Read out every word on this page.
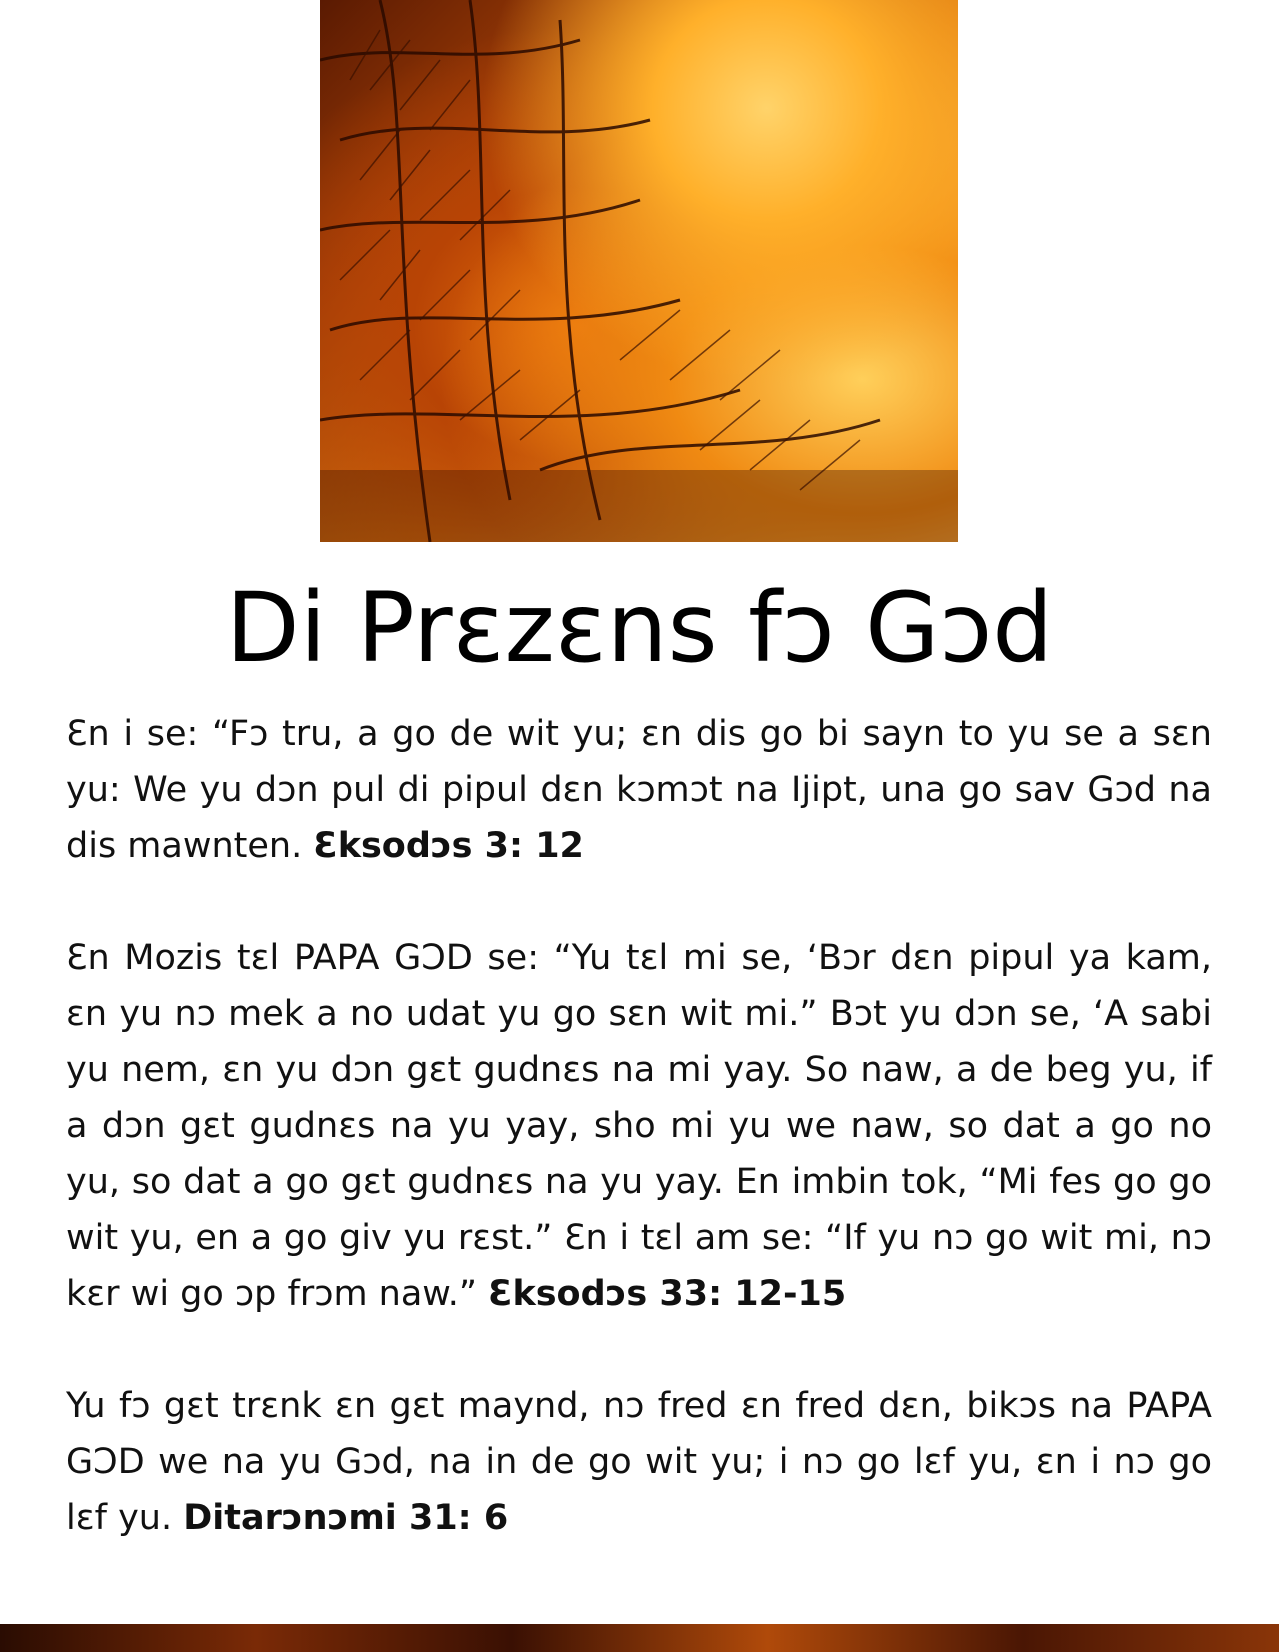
Di Prɛzɛns fɔ Gɔd

Ɛn i se: “Fɔ tru, a go de wit yu; ɛn dis go bi sayn to yu se a sɛn yu: We yu dɔn pul di pipul dɛn kɔmɔt na Ijipt, una go sav Gɔd na dis mawnten. Ɛksodɔs 3: 12

Ɛn Mozis tɛl PAPA GƆD se: “Yu tɛl mi se, ‘Bɔr dɛn pipul ya kam, ɛn yu nɔ mek a no udat yu go sɛn wit mi.” Bɔt yu dɔn se, ‘A sabi yu nem, ɛn yu dɔn gɛt gudnɛs na mi yay. So naw, a de beg yu, if a dɔn gɛt gudnɛs na yu yay, sho mi yu we naw, so dat a go no yu, so dat a go gɛt gudnɛs na yu yay. En imbin tok, “Mi fes go go wit yu, en a go giv yu rɛst.” Ɛn i tɛl am se: “If yu nɔ go wit mi, nɔ kɛr wi go ɔp frɔm naw.” Ɛksodɔs 33: 12-15

Yu fɔ gɛt trɛnk ɛn gɛt maynd, nɔ fred ɛn fred dɛn, bikɔs na PAPA GƆD we na yu Gɔd, na in de go wit yu; i nɔ go lɛf yu, ɛn i nɔ go lɛf yu. Ditarɔnɔmi 31: 6
